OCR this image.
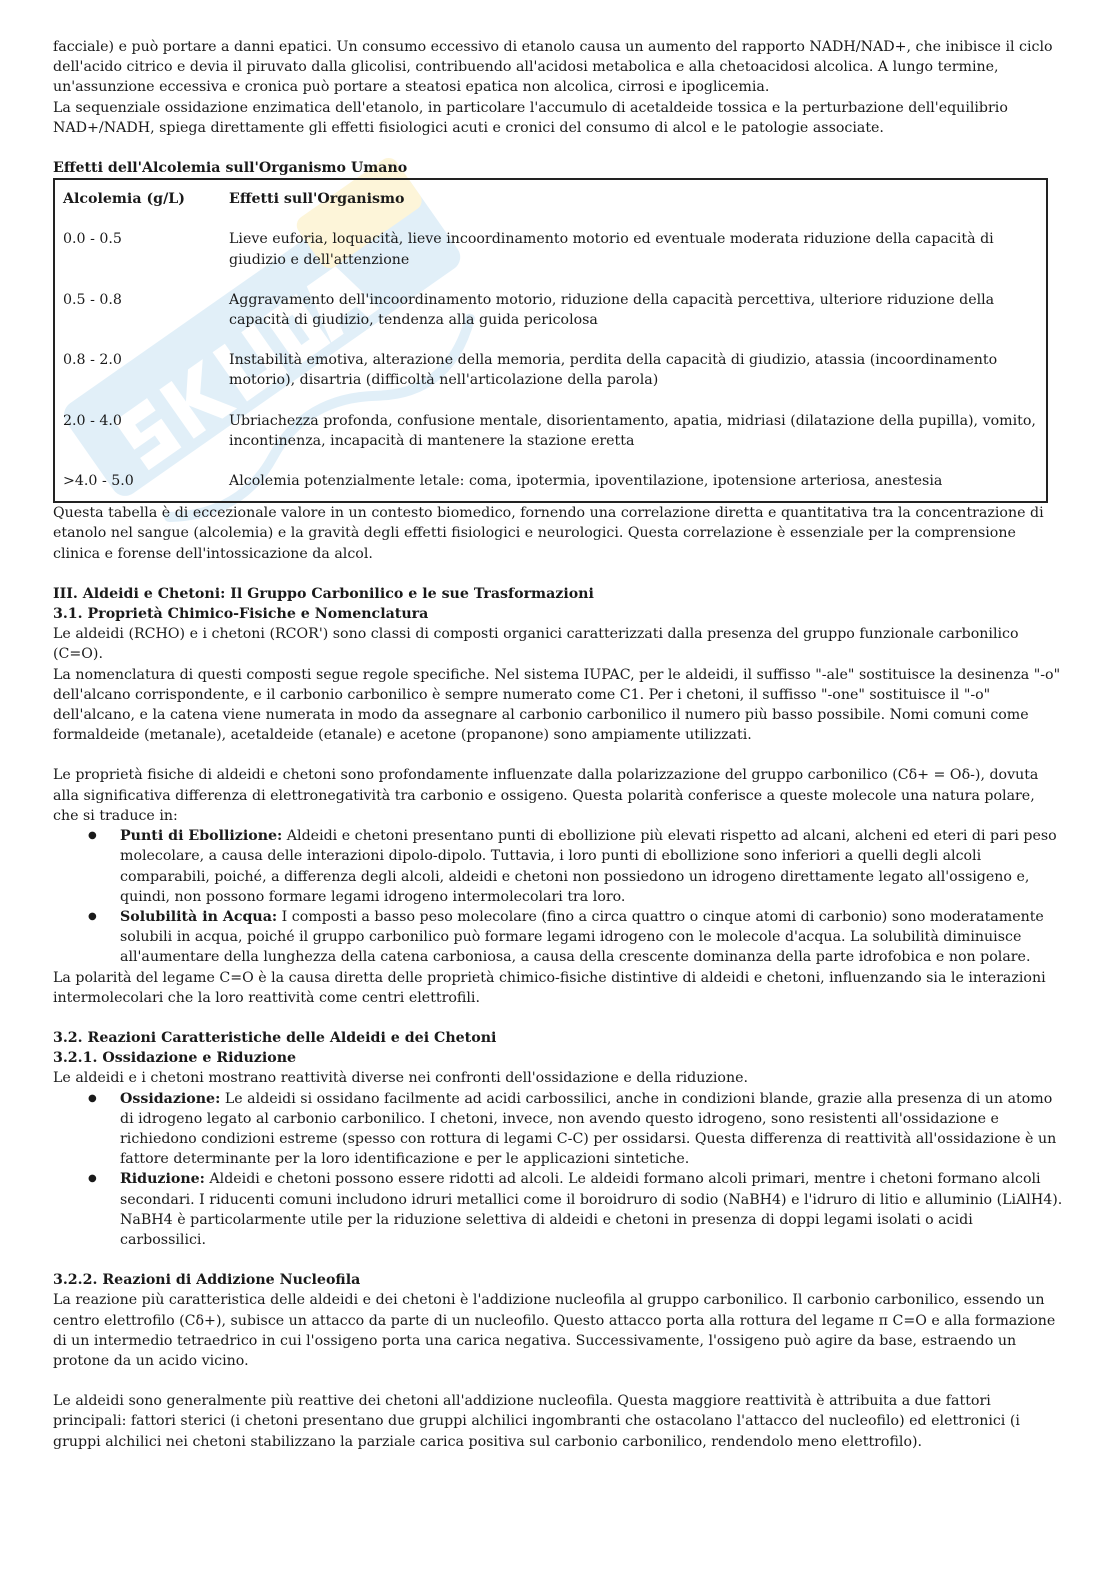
facciale) e può portare a danni epatici. Un consumo eccessivo di etanolo causa un aumento del rapporto NADH/NAD+, che inibisce il ciclo dell'acido citrico e devia il piruvato dalla glicolisi, contribuendo all'acidosi metabolica e alla chetoacidosi alcolica. A lungo termine, un'assunzione eccessiva e cronica può portare a steatosi epatica non alcolica, cirrosi e ipoglicemia.

La sequenziale ossidazione enzimatica dell'etanolo, in particolare l'accumulo di acetaldeide tossica e la perturbazione dell'equilibrio NAD+/NADH, spiega direttamente gli effetti fisiologici acuti e cronici del consumo di alcol e le patologie associate.

Effetti dell'Alcolemia sull'Organismo Umano

Alcolemia (g/L)	Effetti sull'Organismo
0.0 - 0.5	Lieve euforia, loquacità, lieve incoordinamento motorio ed eventuale moderata riduzione della capacità di giudizio e dell'attenzione
0.5 - 0.8	Aggravamento dell'incoordinamento motorio, riduzione della capacità percettiva, ulteriore riduzione della capacità di giudizio, tendenza alla guida pericolosa
0.8 - 2.0	Instabilità emotiva, alterazione della memoria, perdita della capacità di giudizio, atassia (incoordinamento motorio), disartria (difficoltà nell'articolazione della parola)
2.0 - 4.0	Ubriachezza profonda, confusione mentale, disorientamento, apatia, midriasi (dilatazione della pupilla), vomito, incontinenza, incapacità di mantenere la stazione eretta
>4.0 - 5.0	Alcolemia potenzialmente letale: coma, ipotermia, ipoventilazione, ipotensione arteriosa, anestesia

Questa tabella è di eccezionale valore in un contesto biomedico, fornendo una correlazione diretta e quantitativa tra la concentrazione di etanolo nel sangue (alcolemia) e la gravità degli effetti fisiologici e neurologici. Questa correlazione è essenziale per la comprensione clinica e forense dell'intossicazione da alcol.

III. Aldeidi e Chetoni: Il Gruppo Carbonilico e le sue Trasformazioni

3.1. Proprietà Chimico-Fisiche e Nomenclatura

Le aldeidi (RCHO) e i chetoni (RCOR') sono classi di composti organici caratterizzati dalla presenza del gruppo funzionale carbonilico (C=O).

La nomenclatura di questi composti segue regole specifiche. Nel sistema IUPAC, per le aldeidi, il suffisso "-ale" sostituisce la desinenza "-o" dell'alcano corrispondente, e il carbonio carbonilico è sempre numerato come C1. Per i chetoni, il suffisso "-one" sostituisce il "-o" dell'alcano, e la catena viene numerata in modo da assegnare al carbonio carbonilico il numero più basso possibile. Nomi comuni come formaldeide (metanale), acetaldeide (etanale) e acetone (propanone) sono ampiamente utilizzati.

Le proprietà fisiche di aldeidi e chetoni sono profondamente influenzate dalla polarizzazione del gruppo carbonilico (Cδ+ = Oδ-), dovuta alla significativa differenza di elettronegatività tra carbonio e ossigeno. Questa polarità conferisce a queste molecole una natura polare, che si traduce in:

● Punti di Ebollizione: Aldeidi e chetoni presentano punti di ebollizione più elevati rispetto ad alcani, alcheni ed eteri di pari peso molecolare, a causa delle interazioni dipolo-dipolo. Tuttavia, i loro punti di ebollizione sono inferiori a quelli degli alcoli comparabili, poiché, a differenza degli alcoli, aldeidi e chetoni non possiedono un idrogeno direttamente legato all'ossigeno e, quindi, non possono formare legami idrogeno intermolecolari tra loro.
● Solubilità in Acqua: I composti a basso peso molecolare (fino a circa quattro o cinque atomi di carbonio) sono moderatamente solubili in acqua, poiché il gruppo carbonilico può formare legami idrogeno con le molecole d'acqua. La solubilità diminuisce all'aumentare della lunghezza della catena carboniosa, a causa della crescente dominanza della parte idrofobica e non polare.

La polarità del legame C=O è la causa diretta delle proprietà chimico-fisiche distintive di aldeidi e chetoni, influenzando sia le interazioni intermolecolari che la loro reattività come centri elettrofili.

3.2. Reazioni Caratteristiche delle Aldeidi e dei Chetoni

3.2.1. Ossidazione e Riduzione

Le aldeidi e i chetoni mostrano reattività diverse nei confronti dell'ossidazione e della riduzione.

● Ossidazione: Le aldeidi si ossidano facilmente ad acidi carbossilici, anche in condizioni blande, grazie alla presenza di un atomo di idrogeno legato al carbonio carbonilico. I chetoni, invece, non avendo questo idrogeno, sono resistenti all'ossidazione e richiedono condizioni estreme (spesso con rottura di legami C-C) per ossidarsi. Questa differenza di reattività all'ossidazione è un fattore determinante per la loro identificazione e per le applicazioni sintetiche.
● Riduzione: Aldeidi e chetoni possono essere ridotti ad alcoli. Le aldeidi formano alcoli primari, mentre i chetoni formano alcoli secondari. I riducenti comuni includono idruri metallici come il boroidruro di sodio (NaBH4) e l'idruro di litio e alluminio (LiAlH4). NaBH4 è particolarmente utile per la riduzione selettiva di aldeidi e chetoni in presenza di doppi legami isolati o acidi carbossilici.

3.2.2. Reazioni di Addizione Nucleofila

La reazione più caratteristica delle aldeidi e dei chetoni è l'addizione nucleofila al gruppo carbonilico. Il carbonio carbonilico, essendo un centro elettrofilo (Cδ+), subisce un attacco da parte di un nucleofilo. Questo attacco porta alla rottura del legame π C=O e alla formazione di un intermedio tetraedrico in cui l'ossigeno porta una carica negativa. Successivamente, l'ossigeno può agire da base, estraendo un protone da un acido vicino.

Le aldeidi sono generalmente più reattive dei chetoni all'addizione nucleofila. Questa maggiore reattività è attribuita a due fattori principali: fattori sterici (i chetoni presentano due gruppi alchilici ingombranti che ostacolano l'attacco del nucleofilo) ed elettronici (i gruppi alchilici nei chetoni stabilizzano la parziale carica positiva sul carbonio carbonilico, rendendolo meno elettrofilo).
